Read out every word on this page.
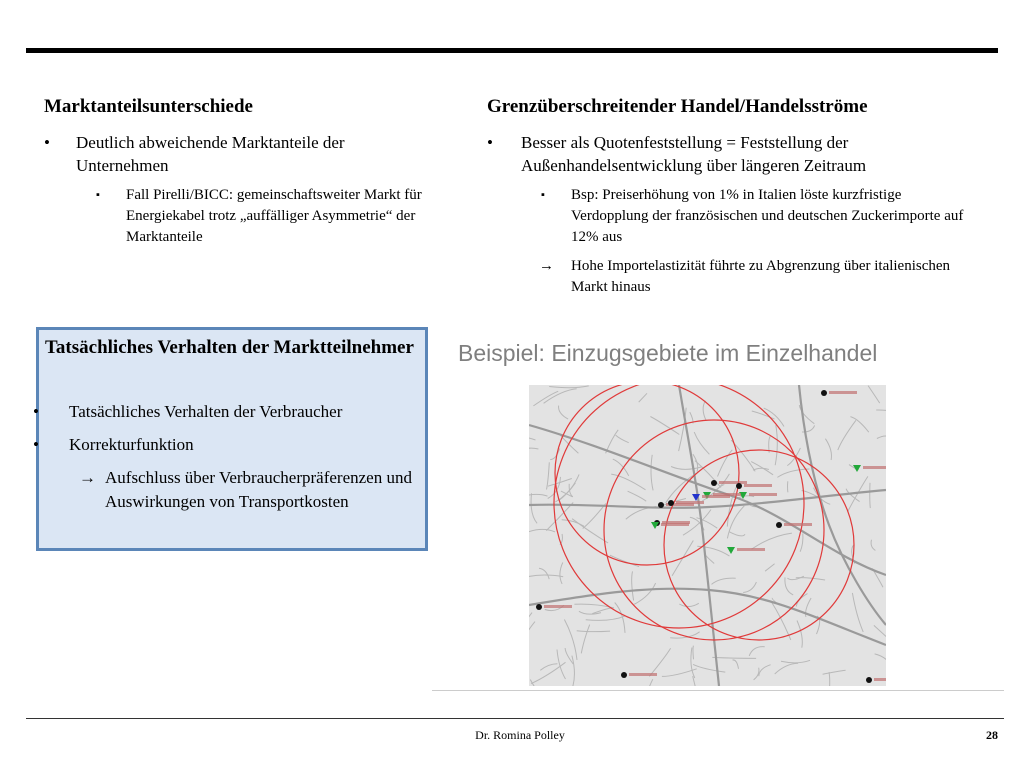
Marktanteilsunterschiede
• Deutlich abweichende Marktanteile der Unternehmen
▪ Fall Pirelli/BICC: gemeinschaftsweiter Markt für Energiekabel trotz „auffälliger Asymmetrie“ der Marktanteile
Grenzüberschreitender Handel/Handelsströme
• Besser als Quotenfeststellung = Feststellung der Außenhandelsentwicklung über längeren Zeitraum
▪ Bsp: Preiserhöhung von 1% in Italien löste kurzfristige Verdopplung der französischen und deutschen Zuckerimporte auf 12% aus
→ Hohe Importelastizität führte zu Abgrenzung über italienischen Markt hinaus
Tatsächliches Verhalten der Marktteilnehmer
• Tatsächliches Verhalten der Verbraucher
• Korrekturfunktion
→ Aufschluss über Verbraucherpräferenzen und Auswirkungen von Transportkosten
Beispiel: Einzugsgebiete im Einzelhandel
Dr. Romina Polley	28
